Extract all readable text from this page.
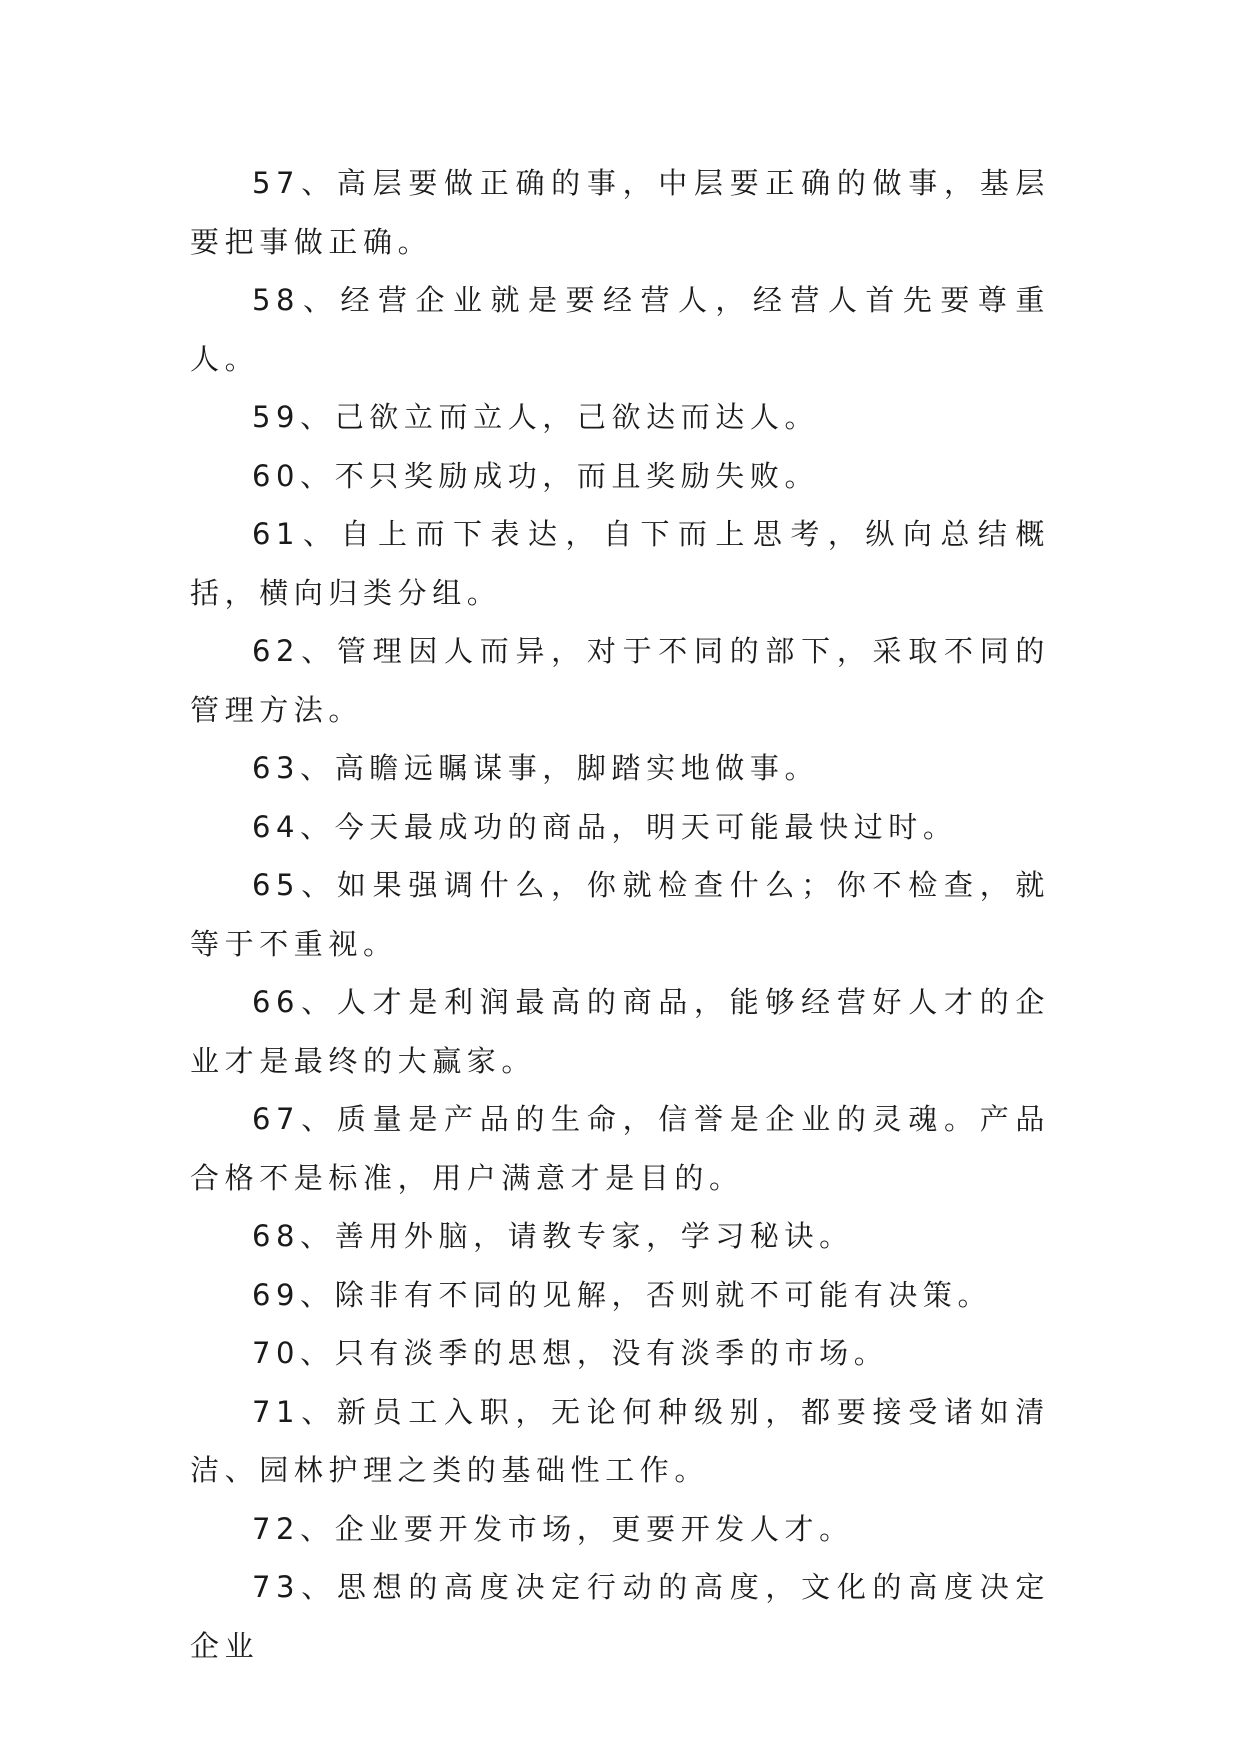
57、高层要做正确的事，中层要正确的做事，基层要把事做正确。

58、经营企业就是要经营人，经营人首先要尊重人。

59、己欲立而立人，己欲达而达人。

60、不只奖励成功，而且奖励失败。

61、自上而下表达，自下而上思考，纵向总结概括，横向归类分组。

62、管理因人而异，对于不同的部下，采取不同的管理方法。

63、高瞻远瞩谋事，脚踏实地做事。

64、今天最成功的商品，明天可能最快过时。

65、如果强调什么，你就检查什么；你不检查，就等于不重视。

66、人才是利润最高的商品，能够经营好人才的企业才是最终的大赢家。

67、质量是产品的生命，信誉是企业的灵魂。产品合格不是标准，用户满意才是目的。

68、善用外脑，请教专家，学习秘诀。

69、除非有不同的见解，否则就不可能有决策。

70、只有淡季的思想，没有淡季的市场。

71、新员工入职，无论何种级别，都要接受诸如清洁、园林护理之类的基础性工作。

72、企业要开发市场，更要开发人才。

73、思想的高度决定行动的高度，文化的高度决定企业
